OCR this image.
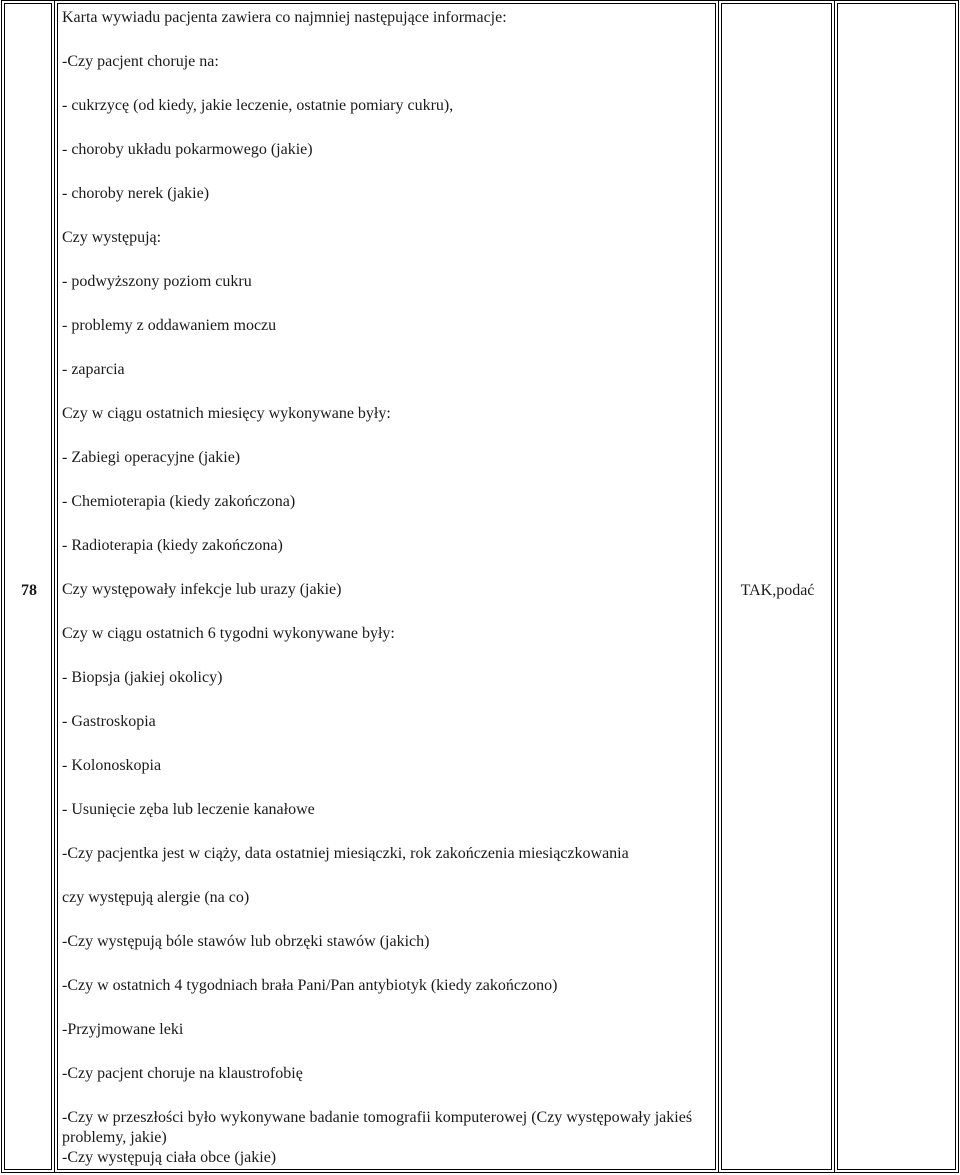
78
Karta wywiadu pacjenta zawiera co najmniej następujące informacje:
-Czy pacjent choruje na:
- cukrzycę (od kiedy, jakie leczenie, ostatnie pomiary cukru),
- choroby układu pokarmowego (jakie)
- choroby nerek (jakie)
Czy występują:
- podwyższony poziom cukru
- problemy z oddawaniem moczu
- zaparcia
Czy w ciągu ostatnich miesięcy wykonywane były:
- Zabiegi operacyjne (jakie)
- Chemioterapia (kiedy zakończona)
- Radioterapia (kiedy zakończona)
Czy występowały infekcje lub urazy (jakie)
Czy w ciągu ostatnich 6 tygodni wykonywane były:
- Biopsja (jakiej okolicy)
- Gastroskopia
- Kolonoskopia
- Usunięcie zęba lub leczenie kanałowe
-Czy pacjentka jest w ciąży, data ostatniej miesiączki, rok zakończenia miesiączkowania
czy występują alergie (na co)
-Czy występują bóle stawów lub obrzęki stawów (jakich)
-Czy w ostatnich 4 tygodniach brała Pani/Pan antybiotyk (kiedy zakończono)
-Przyjmowane leki
-Czy pacjent choruje na klaustrofobię
-Czy w przeszłości było wykonywane badanie tomografii komputerowej (Czy występowały jakieś problemy, jakie)
-Czy występują ciała obce (jakie)
TAK,podać
